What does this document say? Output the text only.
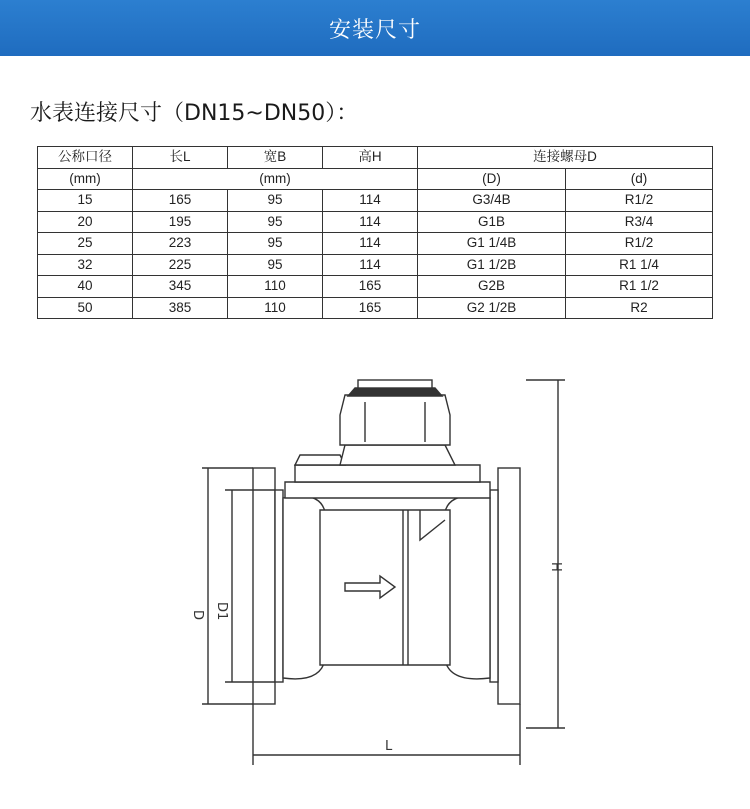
安装尺寸
水表连接尺寸（DN15~DN50）：
公称口径	长L	宽B	高H	连接螺母D	
(mm)	(mm)			(D)	(d)
15	165	95	114	G3/4B	R1/2
20	195	95	114	G1B	R3/4
25	223	95	114	G1 1/4B	R1/2
32	225	95	114	G1 1/2B	R1 1/4
40	345	110	165	G2B	R1 1/2
50	385	110	165	G2 1/2B	R2
H
D D1
L
